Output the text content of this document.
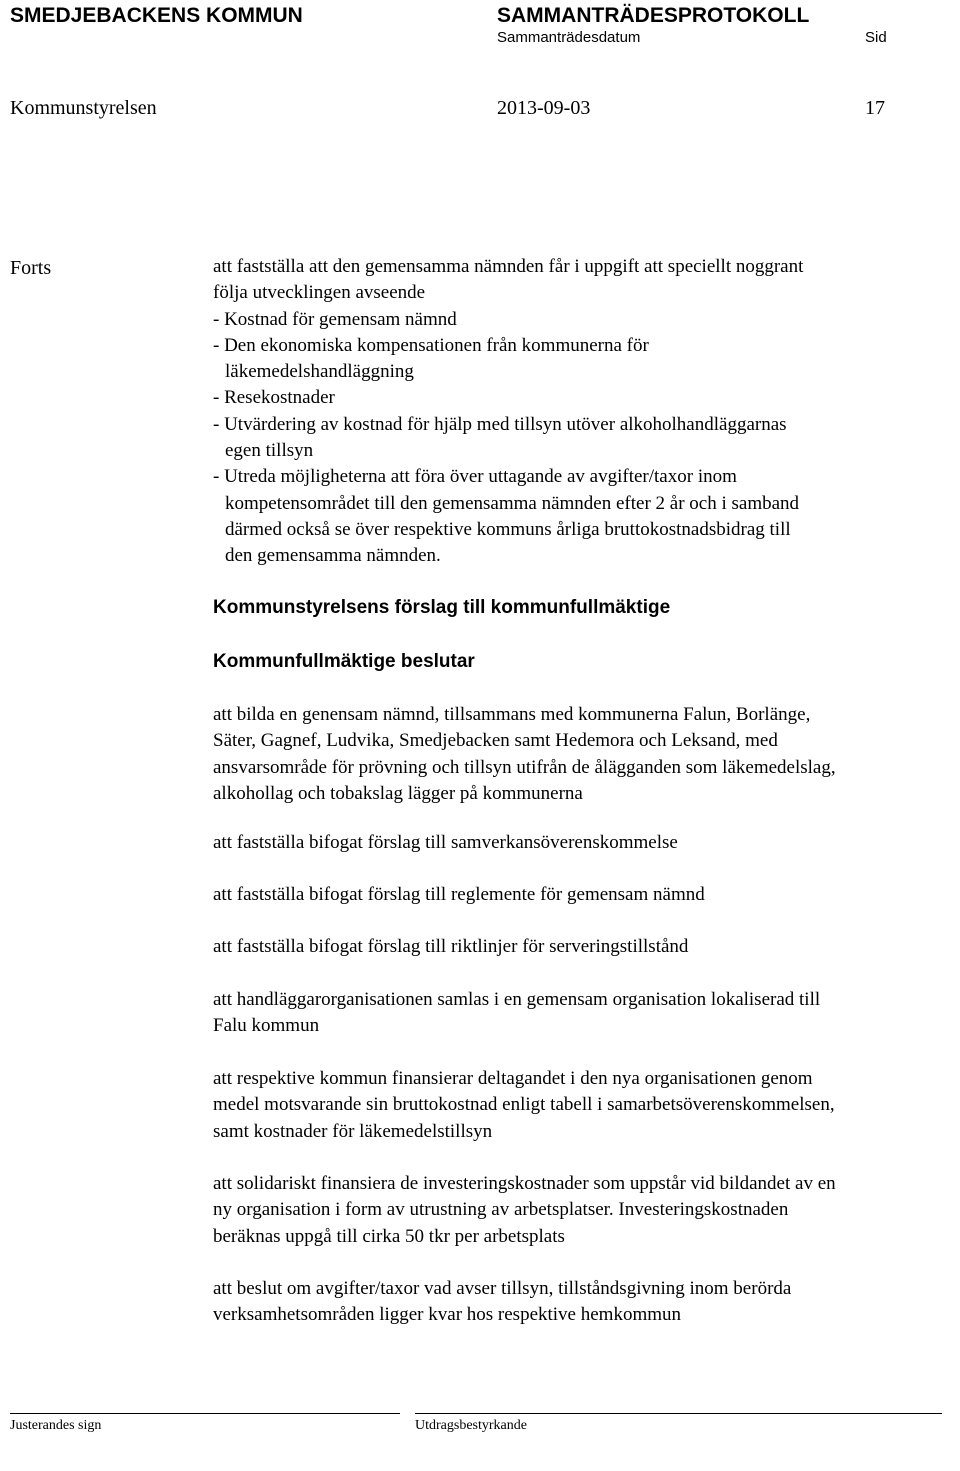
SMEDJEBACKENS KOMMUN	SAMMANTRÄDESPROTOKOLL
Sammanträdesdatum	Sid
Kommunstyrelsen	2013-09-03	17
Forts	att fastställa att den gemensamma nämnden får i uppgift att speciellt noggrant
följa utvecklingen avseende
- Kostnad för gemensam nämnd
- Den ekonomiska kompensationen från kommunerna för
läkemedelshandläggning
- Resekostnader
- Utvärdering av kostnad för hjälp med tillsyn utöver alkoholhandläggarnas
egen tillsyn
- Utreda möjligheterna att föra över uttagande av avgifter/taxor inom
kompetensområdet till den gemensamma nämnden efter 2 år och i samband
därmed också se över respektive kommuns årliga bruttokostnadsbidrag till
den gemensamma nämnden.
Kommunstyrelsens förslag till kommunfullmäktige
Kommunfullmäktige beslutar
att bilda en genensam nämnd, tillsammans med kommunerna Falun, Borlänge,
Säter, Gagnef, Ludvika, Smedjebacken samt Hedemora och Leksand, med
ansvarsområde för prövning och tillsyn utifrån de ålägganden som läkemedelslag,
alkohollag och tobakslag lägger på kommunerna
att fastställa bifogat förslag till samverkansöverenskommelse
att fastställa bifogat förslag till reglemente för gemensam nämnd
att fastställa bifogat förslag till riktlinjer för serveringstillstånd
att handläggarorganisationen samlas i en gemensam organisation lokaliserad till
Falu kommun
att respektive kommun finansierar deltagandet i den nya organisationen genom
medel motsvarande sin bruttokostnad enligt tabell i samarbetsöverenskommelsen,
samt kostnader för läkemedelstillsyn
att solidariskt finansiera de investeringskostnader som uppstår vid bildandet av en
ny organisation i form av utrustning av arbetsplatser. Investeringskostnaden
beräknas uppgå till cirka 50 tkr per arbetsplats
att beslut om avgifter/taxor vad avser tillsyn, tillståndsgivning inom berörda
verksamhetsområden ligger kvar hos respektive hemkommun
Justerandes sign	Utdragsbestyrkande
